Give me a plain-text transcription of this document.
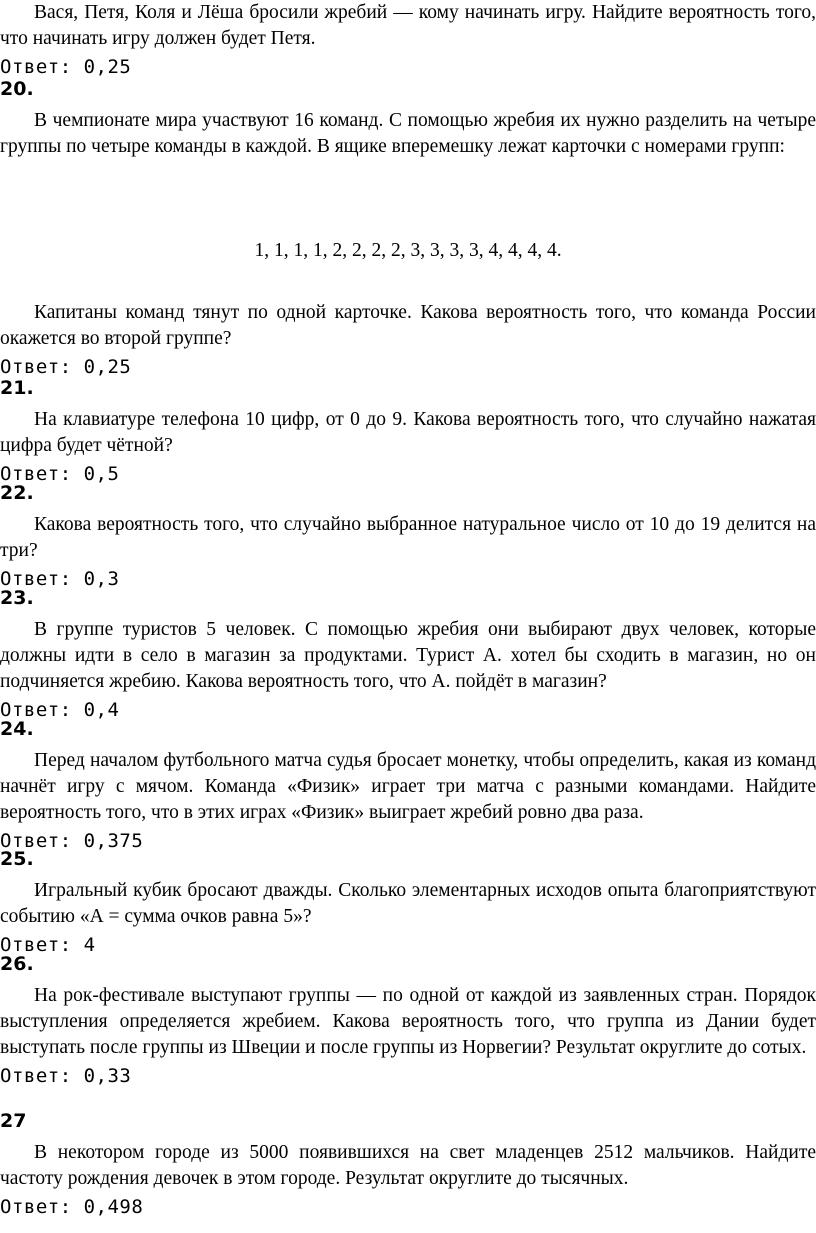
Вася, Петя, Коля и Лёша бросили жребий — кому начинать игру. Найдите вероятность того, что начинать игру должен будет Петя.

Ответ: 0,25

20.

В чемпионате мира участвуют 16 команд. С помощью жребия их нужно разделить на четыре группы по четыре команды в каждой. В ящике вперемешку лежат карточки с номерами групп:

1, 1, 1, 1, 2, 2, 2, 2, 3, 3, 3, 3, 4, 4, 4, 4.

Капитаны команд тянут по одной карточке. Какова вероятность того, что команда России окажется во второй группе?

Ответ: 0,25

21.

На клавиатуре телефона 10 цифр, от 0 до 9. Какова вероятность того, что случайно нажатая цифра будет чётной?

Ответ: 0,5

22.

Какова вероятность того, что случайно выбранное натуральное число от 10 до 19 делится на три?

Ответ: 0,3

23.

В группе туристов 5 человек. С помощью жребия они выбирают двух человек, которые должны идти в село в магазин за продуктами. Турист А. хотел бы сходить в магазин, но он подчиняется жребию. Какова вероятность того, что А. пойдёт в магазин?

Ответ: 0,4

24.

Перед началом футбольного матча судья бросает монетку, чтобы определить, какая из команд начнёт игру с мячом. Команда «Физик» играет три матча с разными командами. Найдите вероятность того, что в этих играх «Физик» выиграет жребий ровно два раза.

Ответ: 0,375

25.

Игральный кубик бросают дважды. Сколько элементарных исходов опыта благоприятствуют событию «А = сумма очков равна 5»?

Ответ: 4

26.

На рок-фестивале выступают группы — по одной от каждой из заявленных стран. Порядок выступления определяется жребием. Какова вероятность того, что группа из Дании будет выступать после группы из Швеции и после группы из Норвегии? Результат округлите до сотых.

Ответ: 0,33

27

В некотором городе из 5000 появившихся на свет младенцев 2512 мальчиков. Найдите частоту рождения девочек в этом городе. Результат округлите до тысячных.

Ответ: 0,498
